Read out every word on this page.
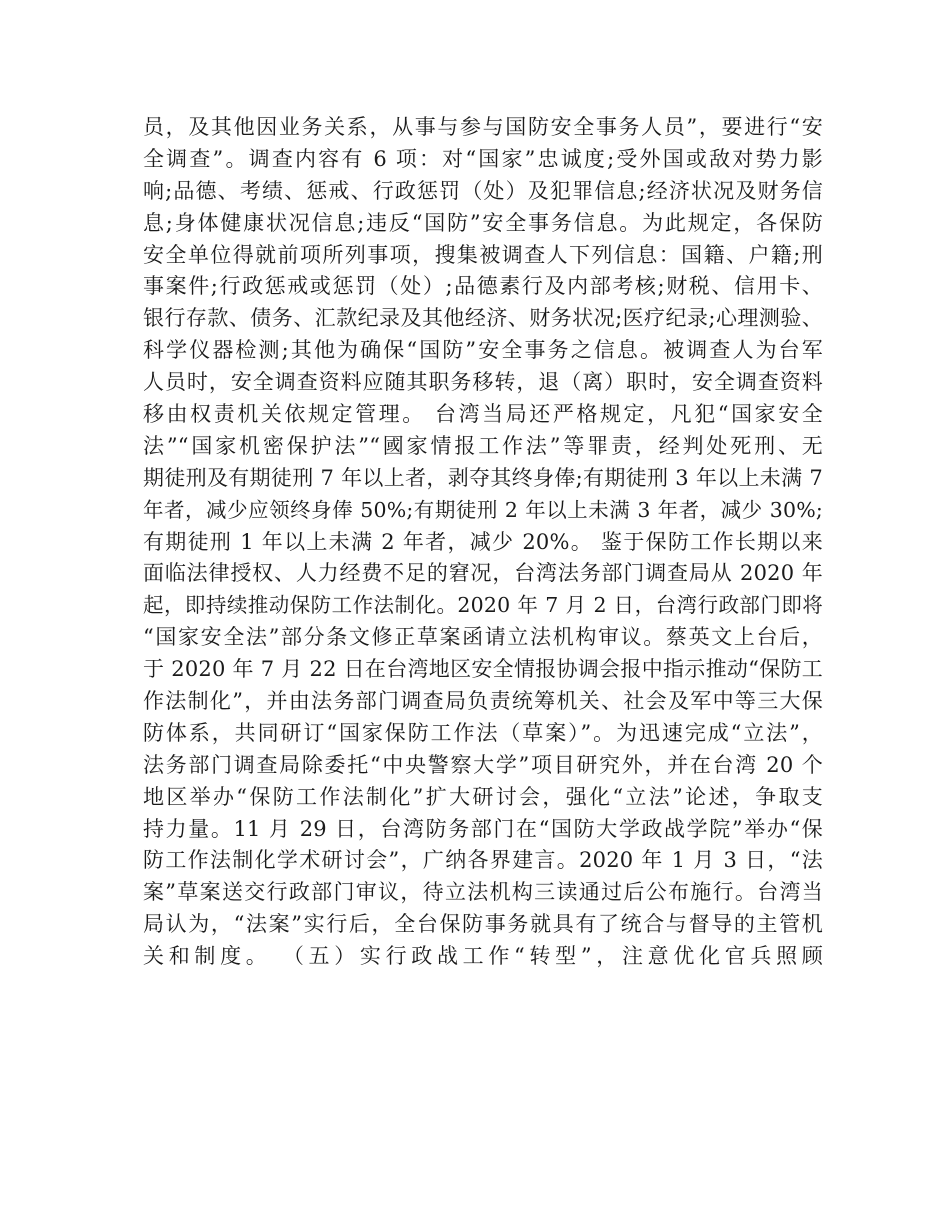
员，及其他因业务关系，从事与参与国防安全事务人员”，要进行“安
全调查”。调查内容有 6 项：对“国家”忠诚度;受外国或敌对势力影
响;品德、考绩、惩戒、行政惩罚（处）及犯罪信息;经济状况及财务信
息;身体健康状况信息;违反“国防”安全事务信息。为此规定，各保防
安全单位得就前项所列事项，搜集被调查人下列信息：国籍、户籍;刑
事案件;行政惩戒或惩罚（处）;品德素行及内部考核;财税、信用卡、
银行存款、债务、汇款纪录及其他经济、财务状况;医疗纪录;心理测验、
科学仪器检测;其他为确保“国防”安全事务之信息。被调查人为台军
人员时，安全调查资料应随其职务移转，退（离）职时，安全调查资料
移由权责机关依规定管理。 台湾当局还严格规定，凡犯“国家安全
法”“国家机密保护法”“國家情报工作法”等罪责，经判处死刑、无
期徒刑及有期徒刑 7 年以上者，剥夺其终身俸;有期徒刑 3 年以上未满 7
年者，减少应领终身俸 50%;有期徒刑 2 年以上未满 3 年者，减少 30%;
有期徒刑 1 年以上未满 2 年者，减少 20%。 鉴于保防工作长期以来
面临法律授权、人力经费不足的窘况，台湾法务部门调查局从 2020 年
起，即持续推动保防工作法制化。2020 年 7 月 2 日，台湾行政部门即将
“国家安全法”部分条文修正草案函请立法机构审议。蔡英文上台后，
于 2020 年 7 月 22 日在台湾地区安全情报协调会报中指示推动“保防工
作法制化”，并由法务部门调查局负责统筹机关、社会及军中等三大保
防体系，共同研订“国家保防工作法（草案）”。为迅速完成“立法”，
法务部门调查局除委托“中央警察大学”项目研究外，并在台湾 20 个
地区举办“保防工作法制化”扩大研讨会，强化“立法”论述，争取支
持力量。11 月 29 日，台湾防务部门在“国防大学政战学院”举办“保
防工作法制化学术研讨会”，广纳各界建言。2020 年 1 月 3 日，“法
案”草案送交行政部门审议，待立法机构三读通过后公布施行。台湾当
局认为，“法案”实行后，全台保防事务就具有了统合与督导的主管机
关和制度。 （五）实行政战工作“转型”，注意优化官兵照顾
